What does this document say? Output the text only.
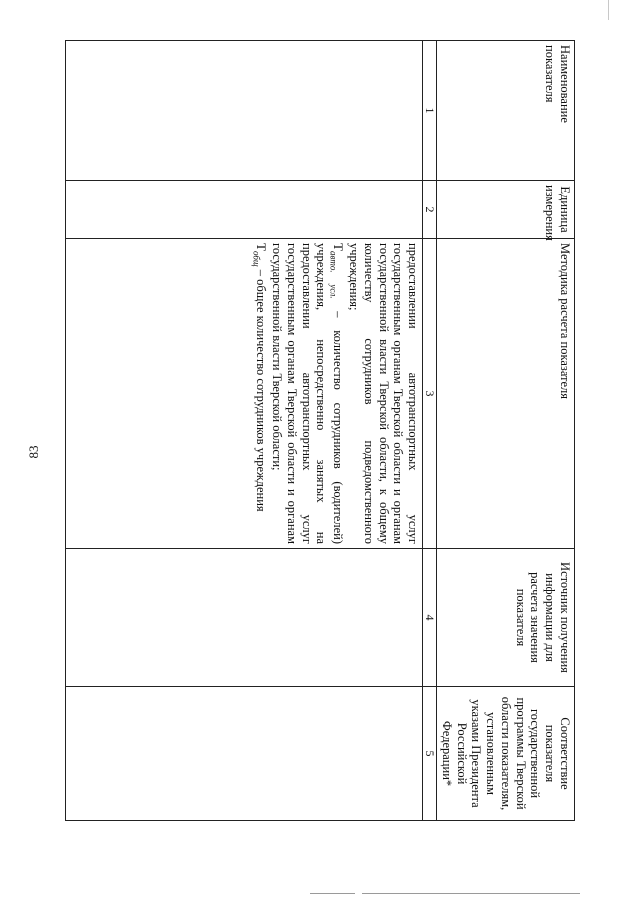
83
Наименование показателя	Единица измерения	Методика расчета показателя	Источник получения информации для расчета значения показателя	Соответствие показателя государственной программы Тверской области показателям, установленным указами Президента Российской Федерации*
1	2	3	4	5
		предоставлении автотранспортных услуг государственным органам Тверской области и органам государственной власти Тверской области, к общему количеству сотрудников подведомственного учреждения;
$Т_{авто. усл.}$ – количество сотрудников (водителей) учреждения, непосредственно занятых на предоставлении автотранспортных услуг государственным органам Тверской области и органам государственной власти Тверской области;
$Т_{общ}$ – общее количество сотрудников учреждения		
